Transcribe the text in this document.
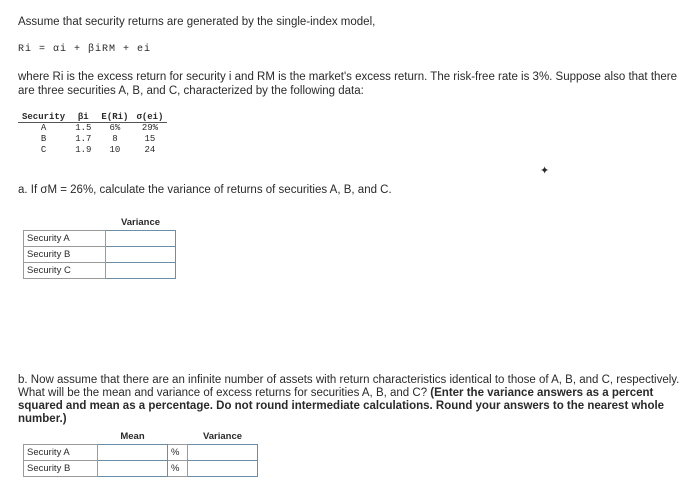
Assume that security returns are generated by the single-index model,
Ri = αi + βiRM + ei
where Ri is the excess return for security i and RM is the market's excess return. The risk-free rate is 3%. Suppose also that there are three securities A, B, and C, characterized by the following data:
Security	βi	E(Ri)	σ(ei)
A	1.5	6%	29%
B	1.7	8	15
C	1.9	10	24
✦
a. If σM = 26%, calculate the variance of returns of securities A, B, and C.
	Variance
Security A	
Security B	
Security C	
b. Now assume that there are an infinite number of assets with return characteristics identical to those of A, B, and C, respectively. What will be the mean and variance of excess returns for securities A, B, and C? (Enter the variance answers as a percent squared and mean as a percentage. Do not round intermediate calculations. Round your answers to the nearest whole number.)
	Mean		Variance
Security A		%	
Security B		%	
